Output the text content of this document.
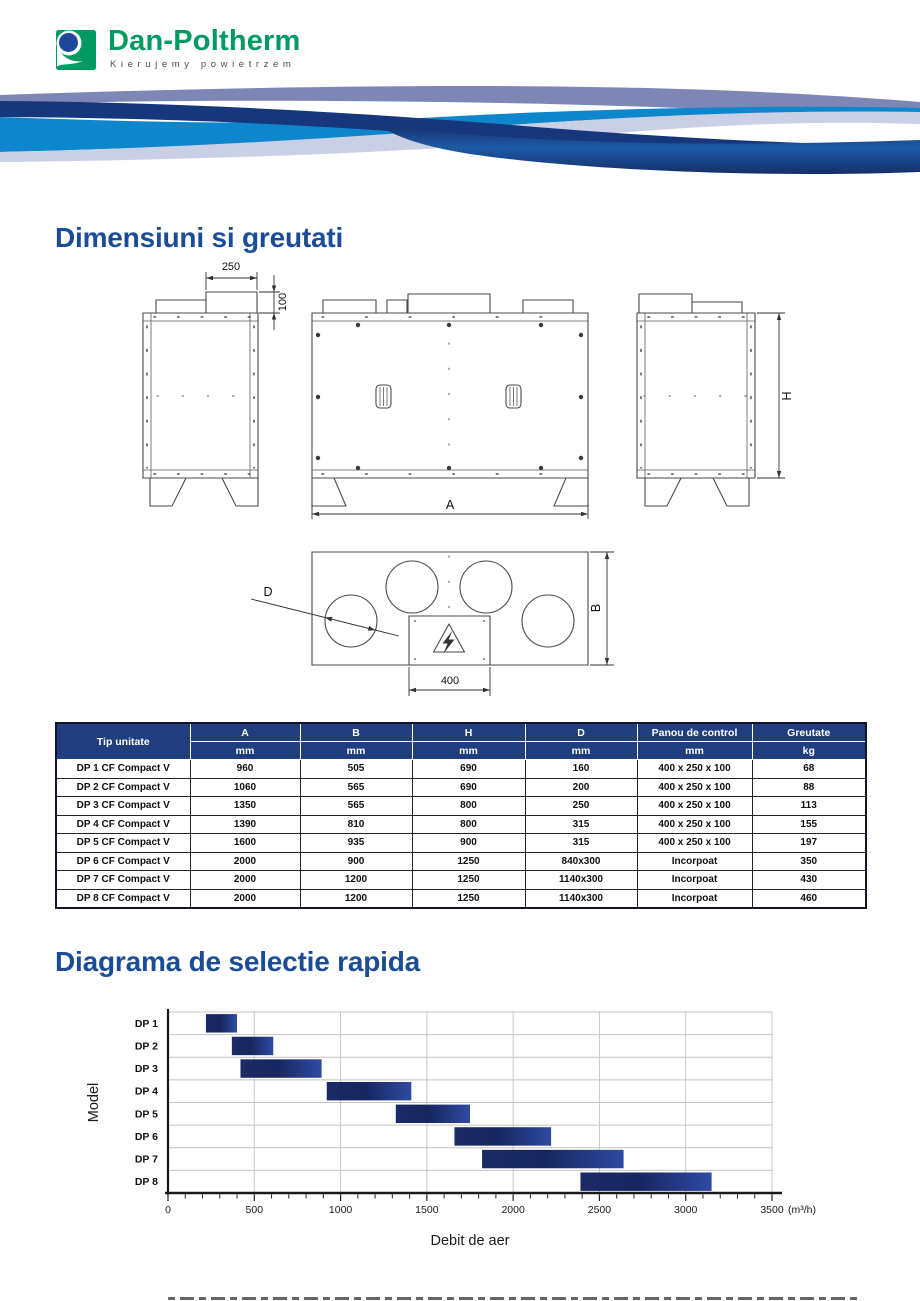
Dan-Poltherm
Kierujemy powietrzem
Dimensiuni si greutati
250
100
A
H
D
B
400
Tip unitate	A	B	H	D	Panou de control	Greutate
	mm	mm	mm	mm	mm	kg
DP 1 CF Compact V	960	505	690	160	400 x 250 x 100	68
DP 2 CF Compact V	1060	565	690	200	400 x 250 x 100	88
DP 3 CF Compact V	1350	565	800	250	400 x 250 x 100	113
DP 4 CF Compact V	1390	810	800	315	400 x 250 x 100	155
DP 5 CF Compact V	1600	935	900	315	400 x 250 x 100	197
DP 6 CF Compact V	2000	900	1250	840x300	Incorpoat	350
DP 7 CF Compact V	2000	1200	1250	1140x300	Incorpoat	430
DP 8 CF Compact V	2000	1200	1250	1140x300	Incorpoat	460
Diagrama de selectie rapida
0	500	1000	1500	2000	2500	3000	3500
DP 1
DP 2
DP 3
DP 4
DP 5
DP 6
DP 7
DP 8
(m³/h)
Model
Debit de aer
